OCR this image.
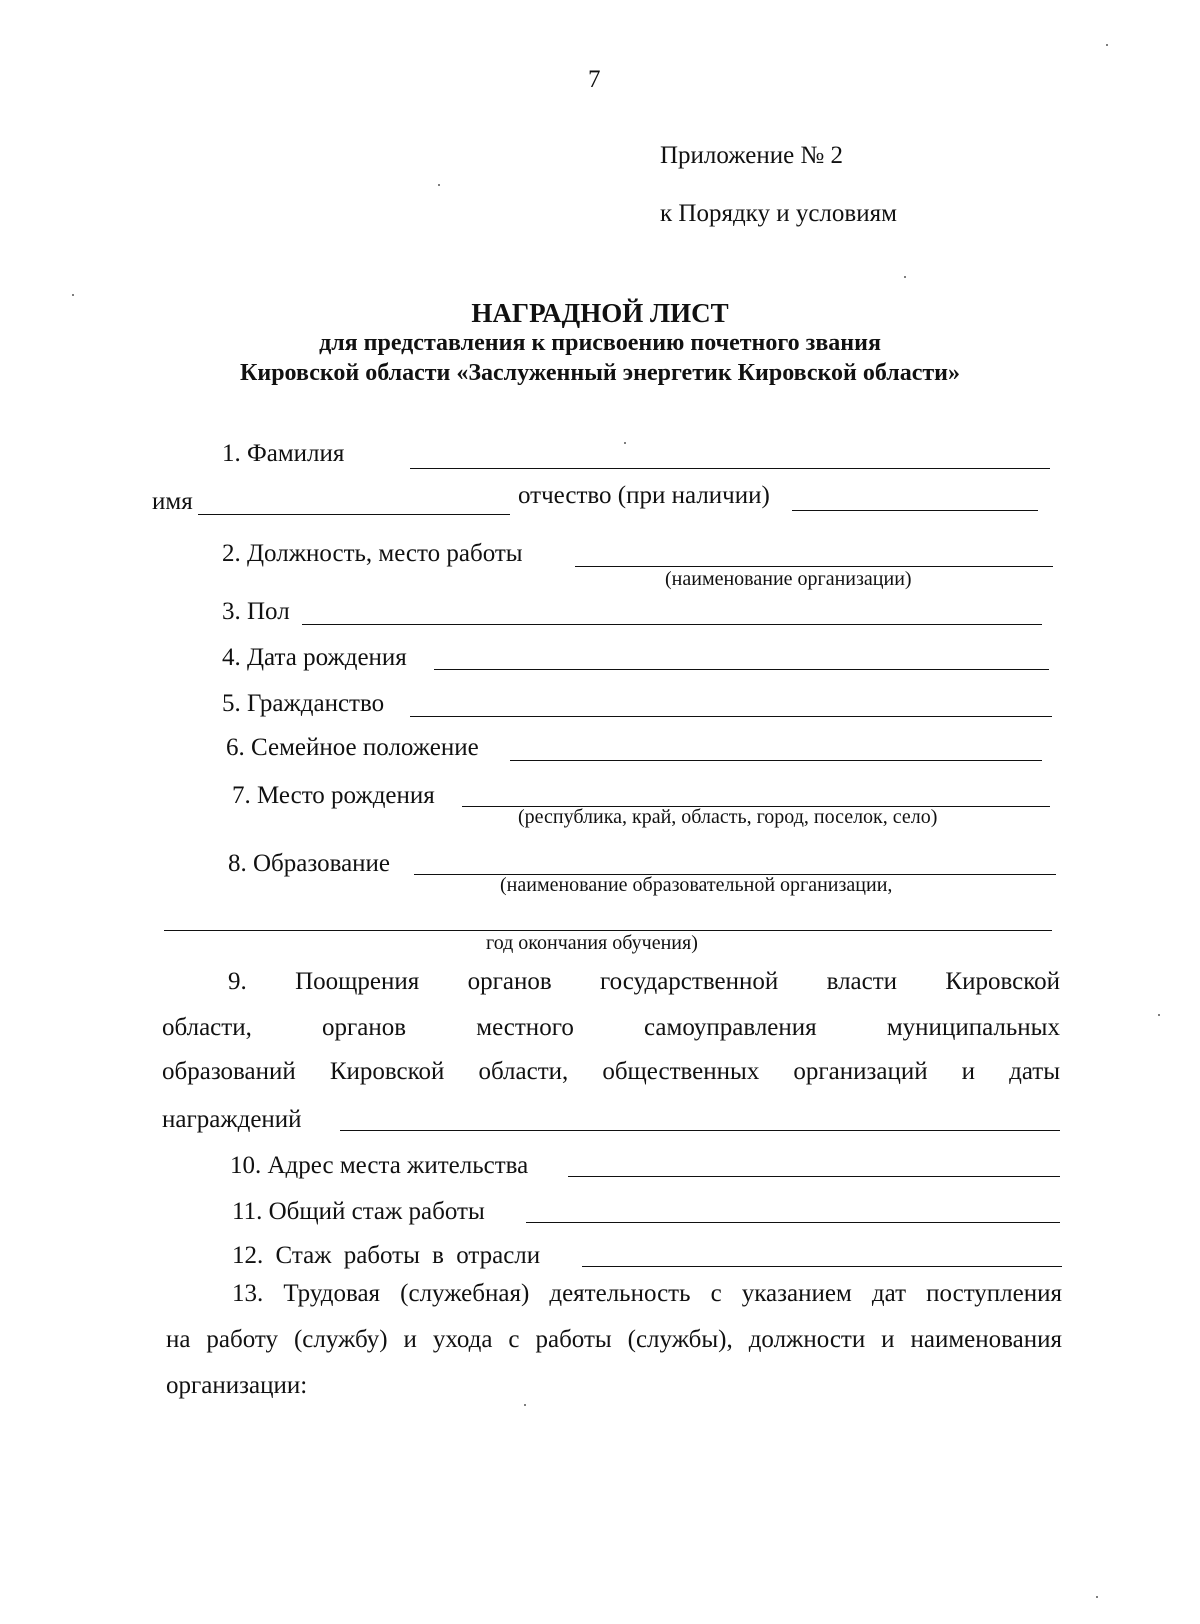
7
Приложение № 2
к Порядку и условиям
НАГРАДНОЙ ЛИСТ
для представления к присвоению почетного звания
Кировской области «Заслуженный энергетик Кировской области»
1. Фамилия
имя	отчество (при наличии)
2. Должность, место работы
(наименование организации)
3. Пол
4. Дата рождения
5. Гражданство
6. Семейное положение
7. Место рождения
(республика, край, область, город, поселок, село)
8. Образование
(наименование образовательной организации,
год окончания обучения)
9. Поощрения органов государственной власти Кировской
области,	органов	местного	самоуправления	муниципальных
образований Кировской области, общественных организаций и даты
награждений
10. Адрес места жительства
11. Общий стаж работы
12. Стаж работы в отрасли
13. Трудовая (служебная) деятельность с указанием дат поступления
на работу (службу) и ухода с работы (службы), должности и наименования
организации:
